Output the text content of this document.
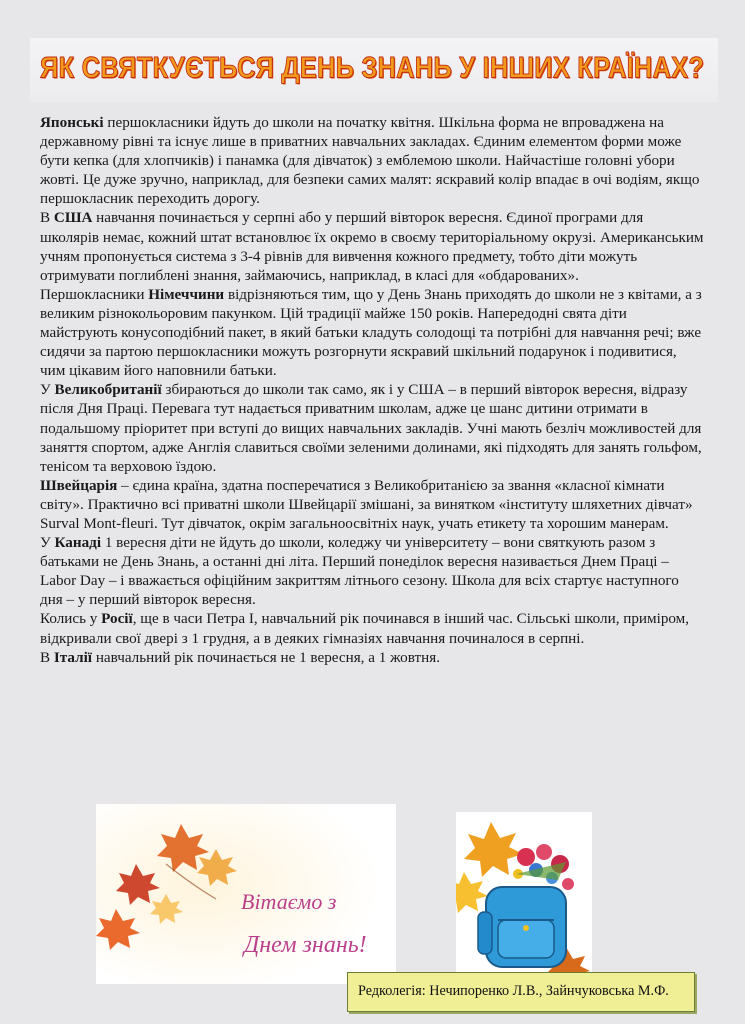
ЯК СВЯТКУЄТЬСЯ ДЕНЬ ЗНАНЬ У ІНШИХ КРАЇНАХ?

Японські першокласники йдуть до школи на початку квітня. Шкільна форма не впроваджена на державному рівні та існує лише в приватних навчальних закладах. Єдиним елементом форми може бути кепка (для хлопчиків) і панамка (для дівчаток) з емблемою школи. Найчастіше головні убори жовті. Це дуже зручно, наприклад, для безпеки самих малят: яскравий колір впадає в очі водіям, якщо першокласник переходить дорогу.

В США навчання починається у серпні або у перший вівторок вересня. Єдиної програми для школярів немає, кожний штат встановлює їх окремо в своєму територіальному окрузі. Американським учням пропонується система з 3-4 рівнів для вивчення кожного предмету, тобто діти можуть отримувати поглиблені знання, займаючись, наприклад, в класі для «обдарованих».

Першокласники Німеччини відрізняються тим, що у День Знань приходять до школи не з квітами, а з великим різнокольоровим пакунком. Цій традиції майже 150 років. Напередодні свята діти майструють конусоподібний пакет, в який батьки кладуть солодощі та потрібні для навчання речі; вже сидячи за партою першокласники можуть розгорнути яскравий шкільний подарунок і подивитися, чим цікавим його наповнили батьки.

У Великобританії збираються до школи так само, як і у США – в перший вівторок вересня, відразу після Дня Праці. Перевага тут надається приватним школам, адже це шанс дитини отримати в подальшому пріоритет при вступі до вищих навчальних закладів. Учні мають безліч можливостей для заняття спортом, адже Англія славиться своїми зеленими долинами, які підходять для занять гольфом, тенісом та верховою їздою.

Швейцарія – єдина країна, здатна посперечатися з Великобританією за звання «класної кімнати світу». Практично всі приватні школи Швейцарії змішані, за винятком «інституту шляхетних дівчат» Surval Mont-fleuri. Тут дівчаток, окрім загальноосвітніх наук, учать етикету та хорошим манерам.

У Канаді 1 вересня діти не йдуть до школи, коледжу чи університету – вони святкують разом з батьками не День Знань, а останні дні літа. Перший понеділок вересня називається Днем Праці – Labor Day – і вважається офіційним закриттям літнього сезону. Школа для всіх стартує наступного дня – у перший вівторок вересня.

Колись у Росії, ще в часи Петра І, навчальний рік починався в інший час. Сільські школи, приміром, відкривали свої двері з 1 грудня, а в деяких гімназіях навчання починалося в серпні.

В Італії навчальний рік починається не 1 вересня, а 1 жовтня.

Вітаємо з
Днем знань!
Редколегія: Нечипоренко Л.В., Зайнчуковська М.Ф.
